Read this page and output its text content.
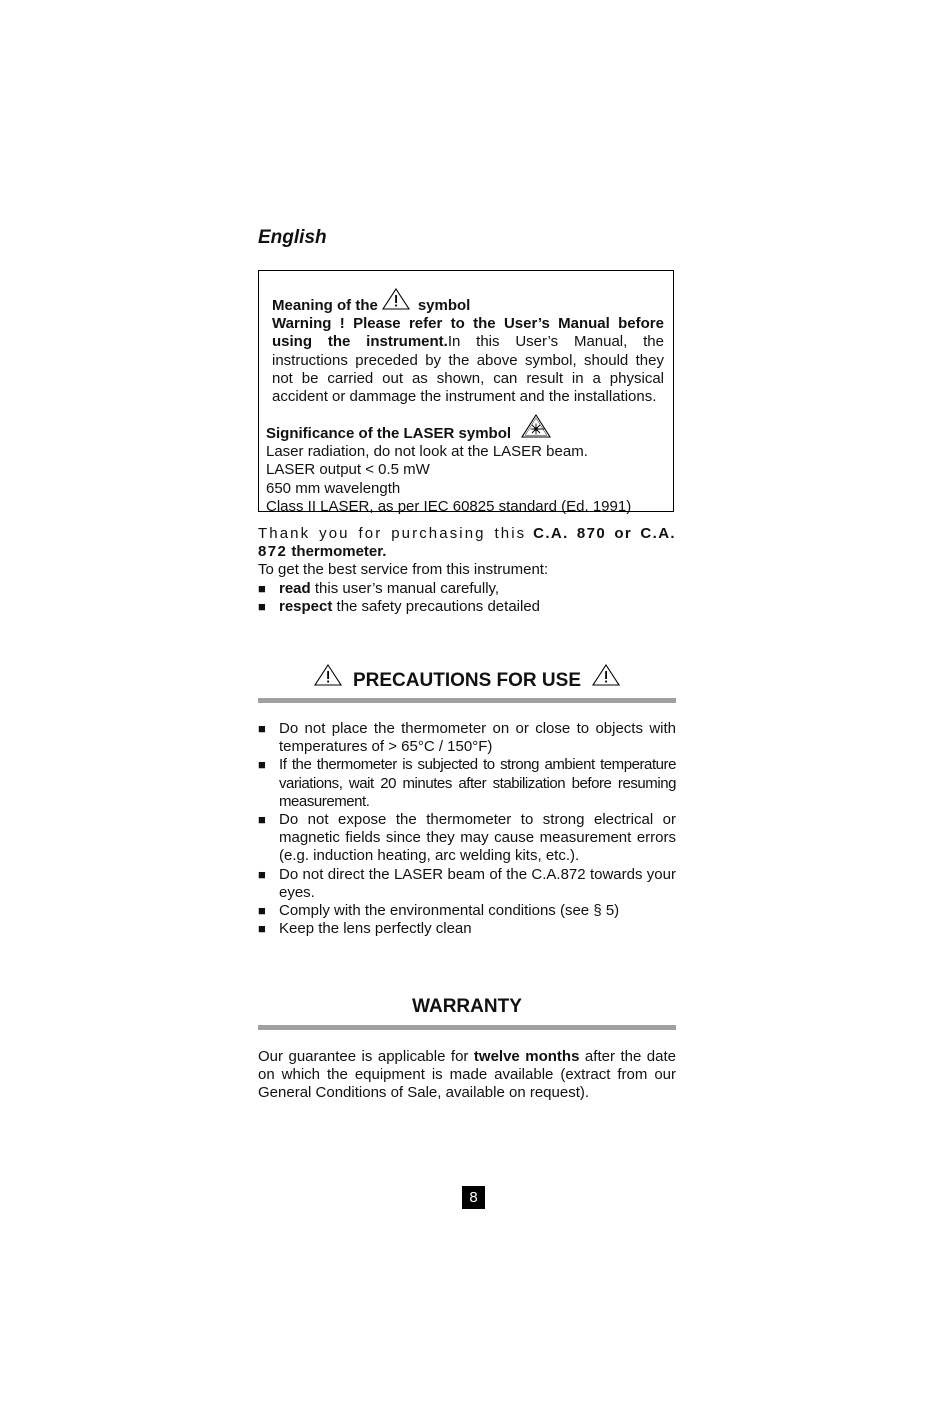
English
Meaning of the	symbol
Warning ! Please refer to the User’s Manual before using the instrument.In this User’s Manual, the instructions preceded by the above symbol, should they not be carried out as shown, can result in a physical accident or dammage the instrument and the installations.
Significance of the LASER symbol
Laser radiation, do not look at the LASER beam.
LASER output < 0.5 mW
650 mm wavelength
Class II LASER, as per IEC 60825 standard (Ed. 1991)
Thank you for purchasing this C.A. 870 or C.A. 872 thermometer.
To get the best service from this instrument:
■ read this user’s manual carefully,
■ respect the safety precautions detailed
PRECAUTIONS FOR USE
■ Do not place the thermometer on or close to objects with temperatures of > 65°C / 150°F)
■ If the thermometer is subjected to strong ambient temperature variations, wait 20 minutes after stabilization before resuming measurement.
■ Do not expose the thermometer to strong electrical or magnetic fields since they may cause measurement errors (e.g. induction heating, arc welding kits, etc.).
■ Do not direct the LASER beam of the C.A.872 towards your eyes.
■ Comply with the environmental conditions (see § 5)
■ Keep the lens perfectly clean
WARRANTY
Our guarantee is applicable for twelve months after the date on which the equipment is made available (extract from our General Conditions of Sale, available on request).
8
